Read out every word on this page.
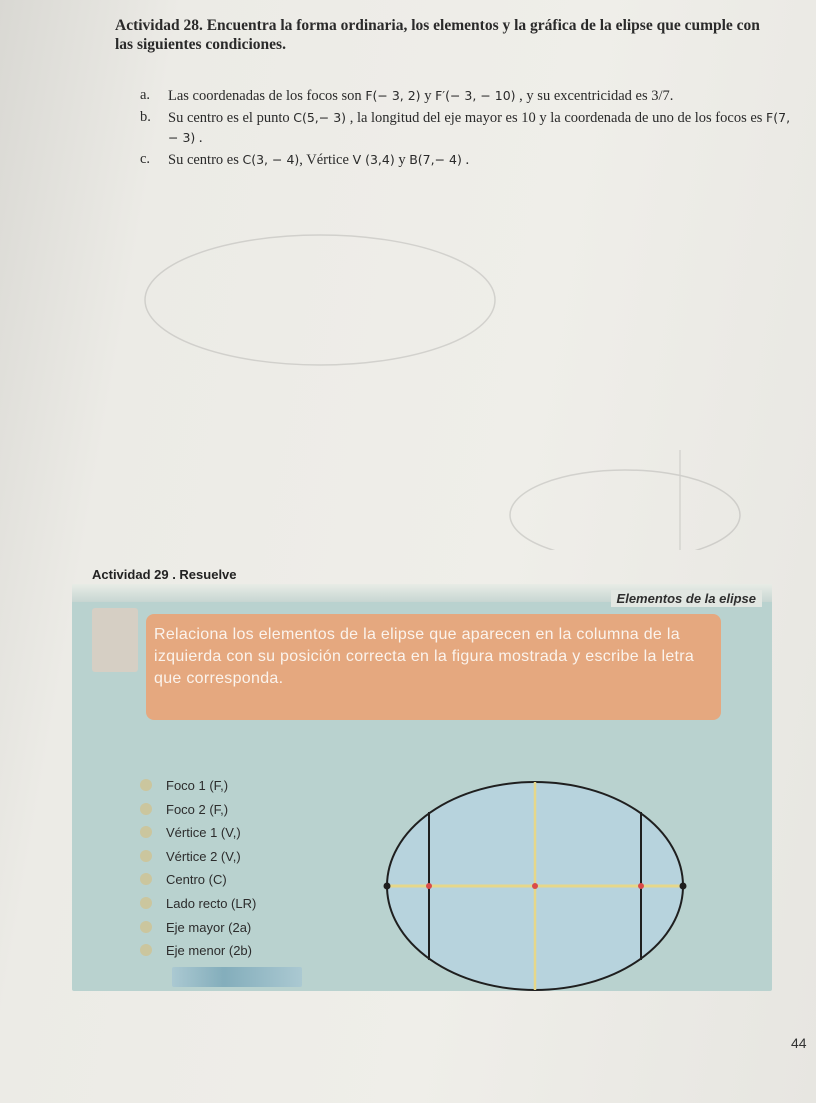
Actividad 28. Encuentra la forma ordinaria, los elementos y la gráfica de la elipse que cumple con las siguientes condiciones.

a. Las coordenadas de los focos son F(− 3, 2) y F′(− 3, − 10) , y su excentricidad es 3/7.
b. Su centro es el punto C(5,− 3) , la longitud del eje mayor es 10 y la coordenada de uno de los focos es F(7, − 3) .
c. Su centro es C(3, − 4), Vértice V (3,4) y B(7,− 4) .
Actividad 29 . Resuelve
Elementos de la elipse
Relaciona los elementos de la elipse que aparecen en la columna de la izquierda con su posición correcta en la figura mostrada y escribe la letra que corresponda.
Foco 1 (F,)
Foco 2 (F,)
Vértice 1 (V,)
Vértice 2 (V,)
Centro (C)
Lado recto (LR)
Eje mayor (2a)
Eje menor (2b)
44
